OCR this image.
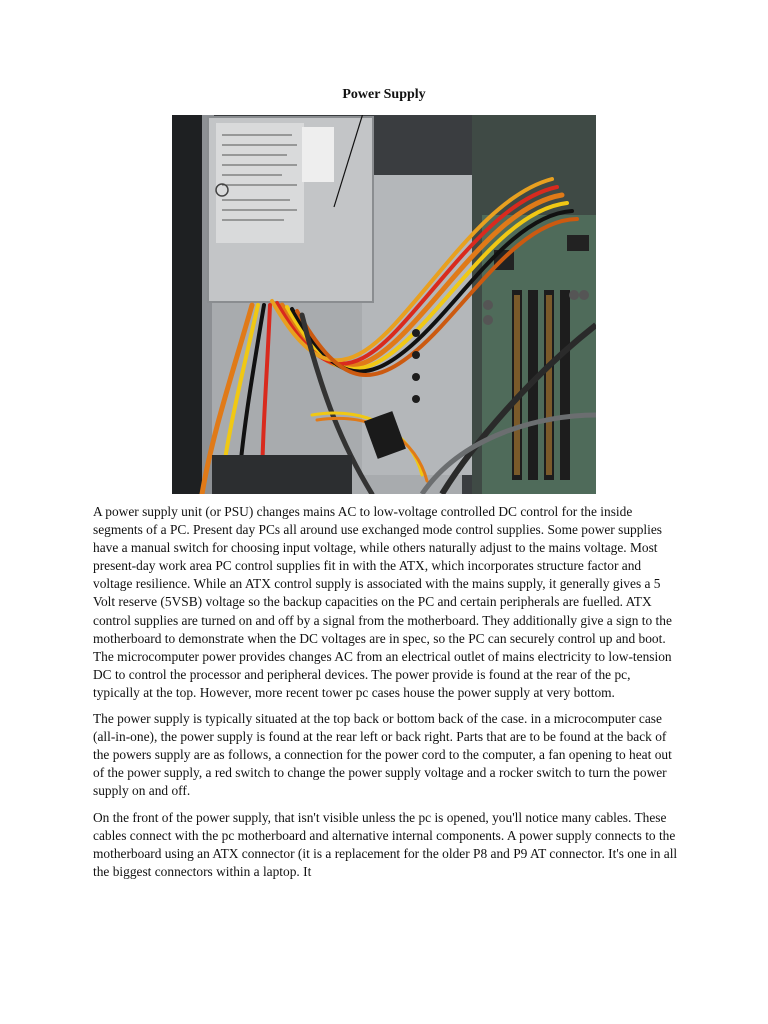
Power Supply

A power supply unit (or PSU) changes mains AC to low-voltage controlled DC control for the inside segments of a PC. Present day PCs all around use exchanged mode control supplies. Some power supplies have a manual switch for choosing input voltage, while others naturally adjust to the mains voltage. Most present-day work area PC control supplies fit in with the ATX, which incorporates structure factor and voltage resilience. While an ATX control supply is associated with the mains supply, it generally gives a 5 Volt reserve (5VSB) voltage so the backup capacities on the PC and certain peripherals are fuelled. ATX control supplies are turned on and off by a signal from the motherboard. They additionally give a sign to the motherboard to demonstrate when the DC voltages are in spec, so the PC can securely control up and boot. The microcomputer power provides changes AC from an electrical outlet of mains electricity to low-tension DC to control the processor and peripheral devices. The power provide is found at the rear of the pc, typically at the top. However, more recent tower pc cases house the power supply at very bottom.

The power supply is typically situated at the top back or bottom back of the case. in a microcomputer case (all-in-one), the power supply is found at the rear left or back right. Parts that are to be found at the back of the powers supply are as follows, a connection for the power cord to the computer, a fan opening to heat out of the power supply, a red switch to change the power supply voltage and a rocker switch to turn the power supply on and off.

On the front of the power supply, that isn't visible unless the pc is opened, you'll notice many cables. These cables connect with the pc motherboard and alternative internal components. A power supply connects to the motherboard using an ATX connector (it is a replacement for the older P8 and P9 AT connector. It's one in all the biggest connectors within a laptop. It
